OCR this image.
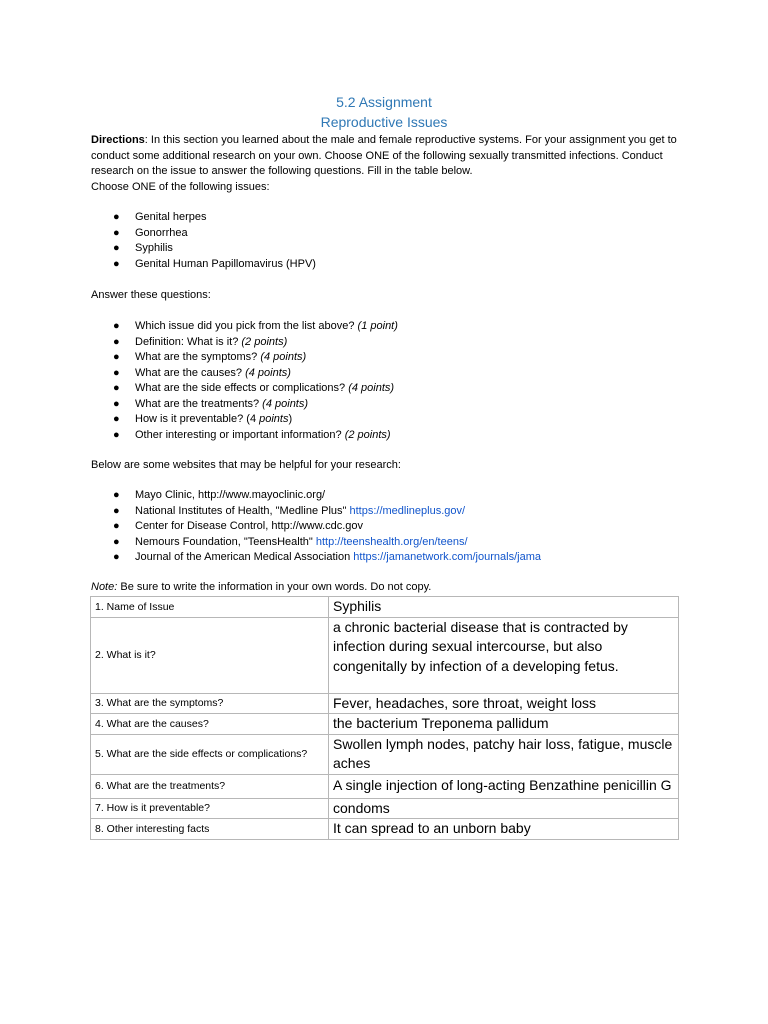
5.2 Assignment
Reproductive Issues
Directions: In this section you learned about the male and female reproductive systems. For your assignment you get to conduct some additional research on your own. Choose ONE of the following sexually transmitted infections. Conduct research on the issue to answer the following questions. Fill in the table below.
Choose ONE of the following issues:
● Genital herpes
● Gonorrhea
● Syphilis
● Genital Human Papillomavirus (HPV)
Answer these questions:
● Which issue did you pick from the list above? (1 point)
● Definition: What is it? (2 points)
● What are the symptoms? (4 points)
● What are the causes? (4 points)
● What are the side effects or complications? (4 points)
● What are the treatments? (4 points)
● How is it preventable? (4 points)
● Other interesting or important information? (2 points)
Below are some websites that may be helpful for your research:
● Mayo Clinic, http://www.mayoclinic.org/
● National Institutes of Health, "Medline Plus" https://medlineplus.gov/
● Center for Disease Control, http://www.cdc.gov
● Nemours Foundation, "TeensHealth" http://teenshealth.org/en/teens/
● Journal of the American Medical Association https://jamanetwork.com/journals/jama
Note: Be sure to write the information in your own words. Do not copy.
1. Name of Issue	Syphilis
2. What is it?	a chronic bacterial disease that is contracted by infection during sexual intercourse, but also congenitally by infection of a developing fetus.
3. What are the symptoms?	Fever, headaches, sore throat, weight loss
4. What are the causes?	the bacterium Treponema pallidum
5. What are the side effects or complications?	Swollen lymph nodes, patchy hair loss, fatigue, muscle aches
6. What are the treatments?	A single injection of long-acting Benzathine penicillin G
7. How is it preventable?	condoms
8. Other interesting facts	It can spread to an unborn baby
